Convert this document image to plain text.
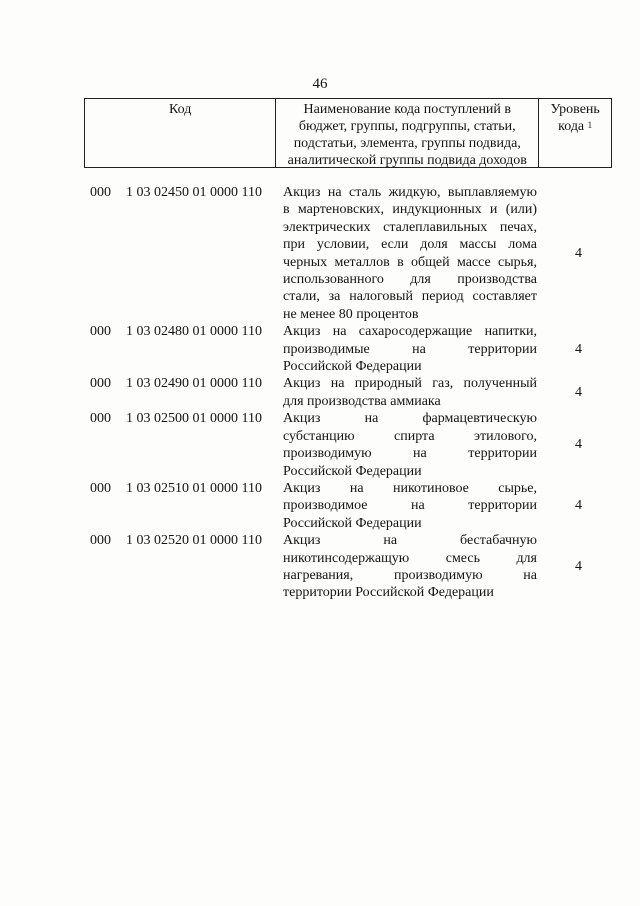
46
Код	Наименование кода поступлений в
бюджет, группы, подгруппы, статьи,
подстатьи, элемента, группы подвида,
аналитической группы подвида доходов
Уровень
кода $^1$
000	1 03 02450 01 0000 110	Акциз на сталь жидкую, выплавляемую
в мартеновских, индукционных и (или)
электрических сталеплавильных печах,
при условии, если доля массы лома
черных металлов в общей массе сырья,
использованного для производства
стали, за налоговый период составляет
не менее 80 процентов
4
000	1 03 02480 01 0000 110	Акциз на сахаросодержащие напитки,
производимые на территории
Российской Федерации
4
000	1 03 02490 01 0000 110	Акциз на природный газ, полученный
для производства аммиака
4
000	1 03 02500 01 0000 110	Акциз на фармацевтическую
субстанцию спирта этилового,
производимую на территории
Российской Федерации
4
000	1 03 02510 01 0000 110	Акциз на никотиновое сырье,
производимое на территории
Российской Федерации
4
000	1 03 02520 01 0000 110	Акциз на бестабачную
никотинсодержащую смесь для
нагревания, производимую на
территории Российской Федерации
4
